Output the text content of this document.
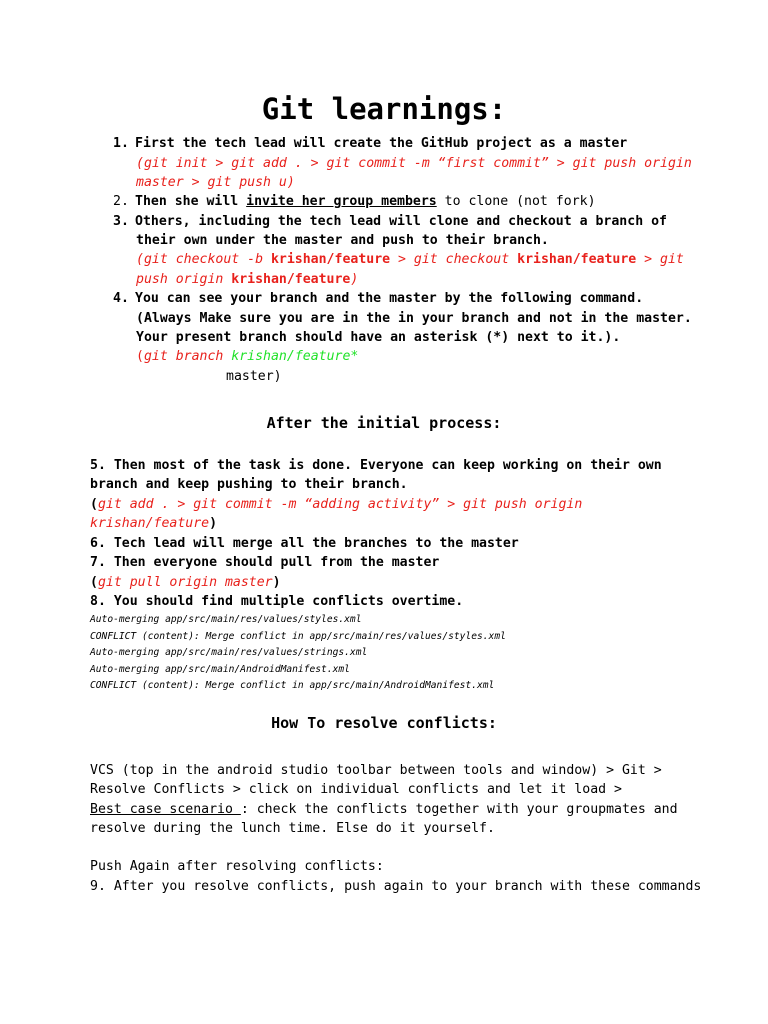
Git learnings:
1. First the tech lead will create the GitHub project as a master
(git init > git add . > git commit -m “first commit” > git push origin
master > git push u)
2. Then she will invite her group members to clone (not fork)
3. Others, including the tech lead will clone and checkout a branch of
their own under the master and push to their branch.
(git checkout -b krishan/feature > git checkout krishan/feature > git
push origin krishan/feature)
4. You can see your branch and the master by the following command.
(Always Make sure you are in the in your branch and not in the master.
Your present branch should have an asterisk (*) next to it.).
(git branch krishan/feature*
master)
After the initial process:
5. Then most of the task is done. Everyone can keep working on their own
branch and keep pushing to their branch.
(git add . > git commit -m “adding activity” > git push origin
krishan/feature)
6. Tech lead will merge all the branches to the master
7. Then everyone should pull from the master
(git pull origin master)
8. You should find multiple conflicts overtime.
Auto-merging app/src/main/res/values/styles.xml
CONFLICT (content): Merge conflict in app/src/main/res/values/styles.xml
Auto-merging app/src/main/res/values/strings.xml
Auto-merging app/src/main/AndroidManifest.xml
CONFLICT (content): Merge conflict in app/src/main/AndroidManifest.xml
How To resolve conflicts:
VCS (top in the android studio toolbar between tools and window) > Git >
Resolve Conflicts > click on individual conflicts and let it load >
Best case scenario : check the conflicts together with your groupmates and
resolve during the lunch time. Else do it yourself.
Push Again after resolving conflicts:
9. After you resolve conflicts, push again to your branch with these commands
